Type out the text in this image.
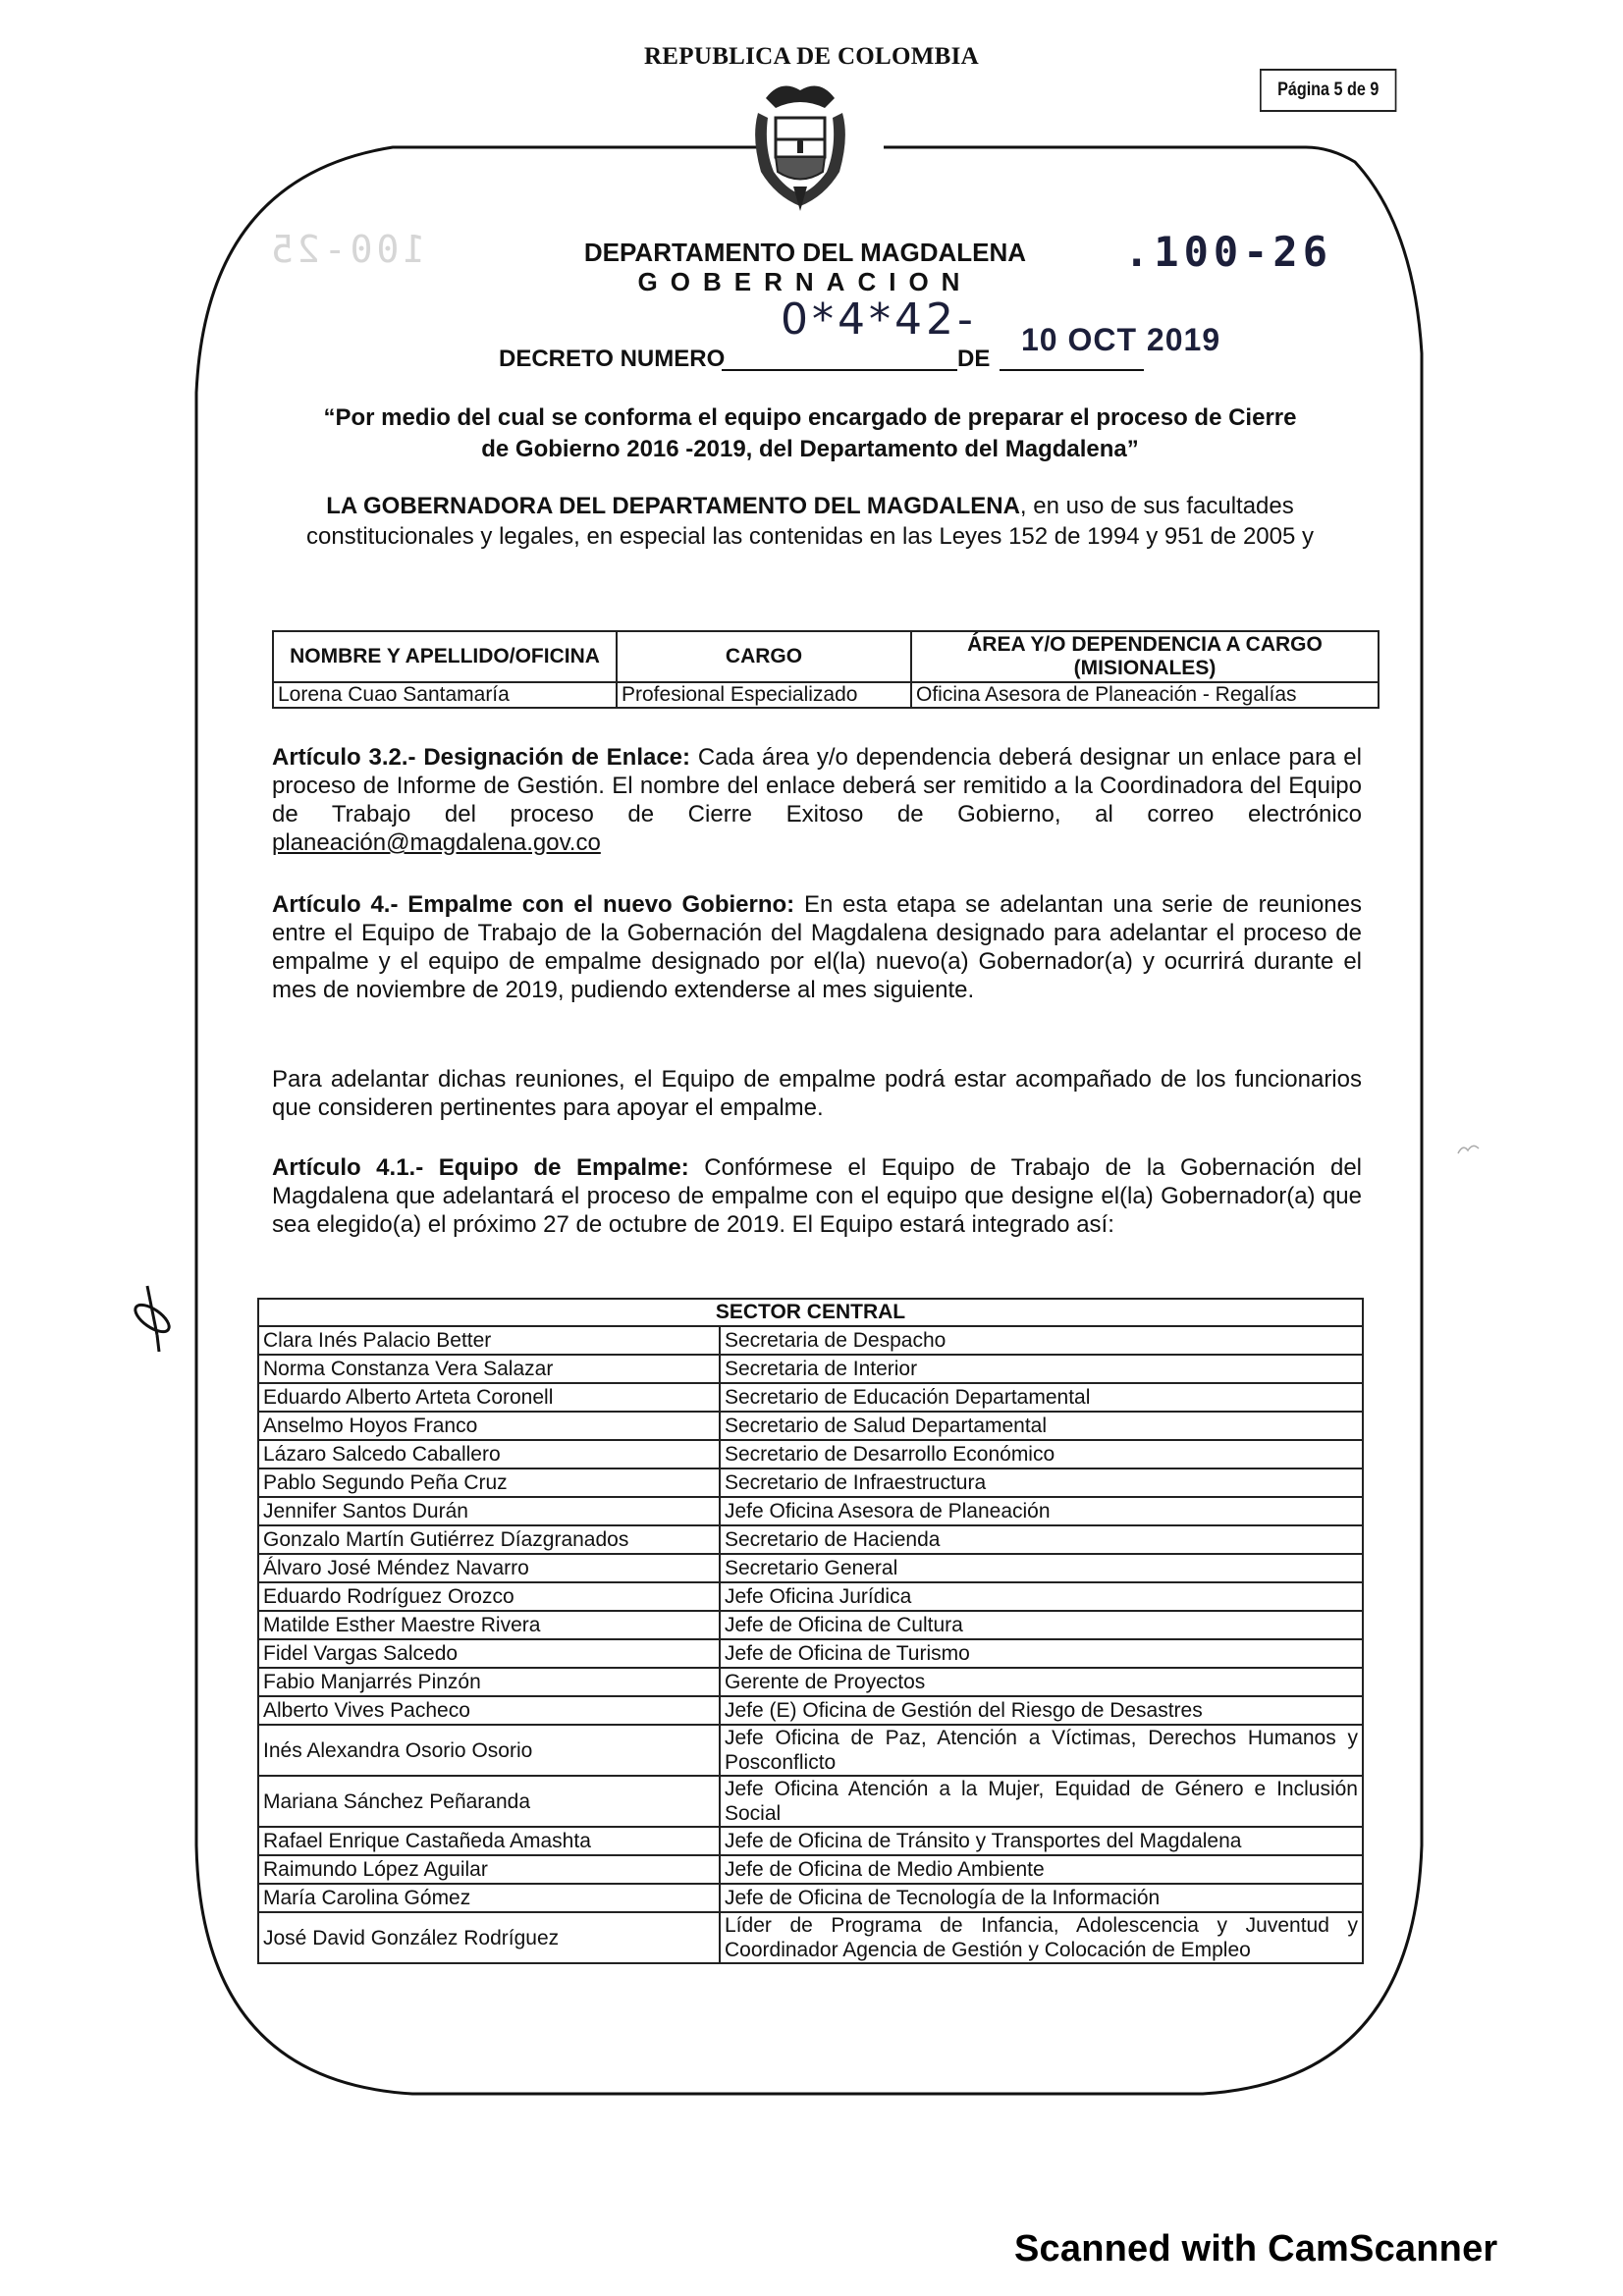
REPUBLICA DE COLOMBIA
Página 5 de 9
DEPARTAMENTO DEL MAGDALENA
GOBERNACION
.100-26
100-25
0*4*42-
DECRETO NUMERO	DE
10 OCT 2019
“Por medio del cual se conforma el equipo encargado de preparar el proceso de Cierre
de Gobierno 2016 -2019, del Departamento del Magdalena”
LA GOBERNADORA DEL DEPARTAMENTO DEL MAGDALENA, en uso de sus facultades constitucionales y legales, en especial las contenidas en las Leyes 152 de 1994 y 951 de 2005 y
NOMBRE Y APELLIDO/OFICINA	CARGO	ÁREA Y/O DEPENDENCIA A CARGO (MISIONALES)
Lorena Cuao Santamaría	Profesional Especializado	Oficina Asesora de Planeación - Regalías
Artículo 3.2.- Designación de Enlace: Cada área y/o dependencia deberá designar un enlace para el proceso de Informe de Gestión. El nombre del enlace deberá ser remitido a la Coordinadora del Equipo de Trabajo del proceso de Cierre Exitoso de Gobierno, al correo electrónico planeación@magdalena.gov.co
Artículo 4.- Empalme con el nuevo Gobierno: En esta etapa se adelantan una serie de reuniones entre el Equipo de Trabajo de la Gobernación del Magdalena designado para adelantar el proceso de empalme y el equipo de empalme designado por el(la) nuevo(a) Gobernador(a) y ocurrirá durante el mes de noviembre de 2019, pudiendo extenderse al mes siguiente.
Para adelantar dichas reuniones, el Equipo de empalme podrá estar acompañado de los funcionarios que consideren pertinentes para apoyar el empalme.
Artículo 4.1.- Equipo de Empalme: Confórmese el Equipo de Trabajo de la Gobernación del Magdalena que adelantará el proceso de empalme con el equipo que designe el(la) Gobernador(a) que sea elegido(a) el próximo 27 de octubre de 2019. El Equipo estará integrado así:
SECTOR CENTRAL	
Clara Inés Palacio Better	Secretaria de Despacho
Norma Constanza Vera Salazar	Secretaria de Interior
Eduardo Alberto Arteta Coronell	Secretario de Educación Departamental
Anselmo Hoyos Franco	Secretario de Salud Departamental
Lázaro Salcedo Caballero	Secretario de Desarrollo Económico
Pablo Segundo Peña Cruz	Secretario de Infraestructura
Jennifer Santos Durán	Jefe Oficina Asesora de Planeación
Gonzalo Martín Gutiérrez Díazgranados	Secretario de Hacienda
Álvaro José Méndez Navarro	Secretario General
Eduardo Rodríguez Orozco	Jefe Oficina Jurídica
Matilde Esther Maestre Rivera	Jefe de Oficina de Cultura
Fidel Vargas Salcedo	Jefe de Oficina de Turismo
Fabio Manjarrés Pinzón	Gerente de Proyectos
Alberto Vives Pacheco	Jefe (E) Oficina de Gestión del Riesgo de Desastres
Inés Alexandra Osorio Osorio	Jefe Oficina de Paz, Atención a Víctimas, Derechos Humanos y Posconflicto
Mariana Sánchez Peñaranda	Jefe Oficina Atención a la Mujer, Equidad de Género e Inclusión Social
Rafael Enrique Castañeda Amashta	Jefe de Oficina de Tránsito y Transportes del Magdalena
Raimundo López Aguilar	Jefe de Oficina de Medio Ambiente
María Carolina Gómez	Jefe de Oficina de Tecnología de la Información
José David González Rodríguez	Líder de Programa de Infancia, Adolescencia y Juventud y Coordinador Agencia de Gestión y Colocación de Empleo
Scanned with CamScanner
